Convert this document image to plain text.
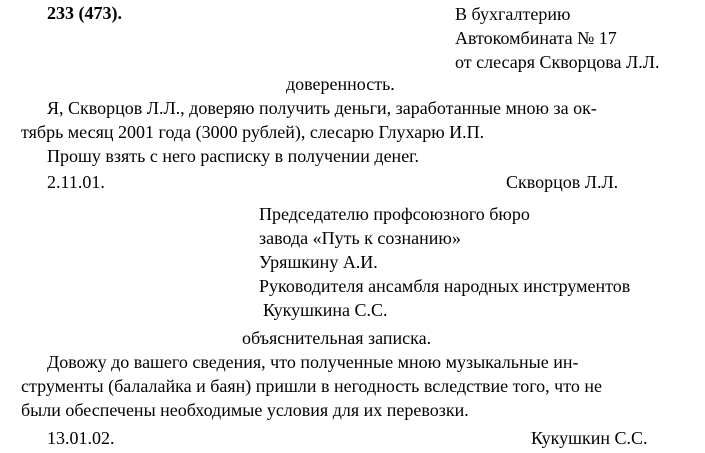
233 (473).	В бухгалтерию
Автокомбината № 17
от слесаря Скворцова Л.Л.
доверенность.
Я, Скворцов Л.Л., доверяю получить деньги, заработанные мною за ок-
тябрь месяц 2001 года (3000 рублей), слесарю Глухарю И.П.
Прошу взять с него расписку в получении денег.
2.11.01.	Скворцов Л.Л.
Председателю профсоюзного бюро
завода «Путь к сознанию»
Уряшкину А.И.
Руководителя ансамбля народных инструментов
Кукушкина С.С.
объяснительная записка.
Довожу до вашего сведения, что полученные мною музыкальные ин-
струменты (балалайка и баян) пришли в негодность вследствие того, что не
были обеспечены необходимые условия для их перевозки.
13.01.02.	Кукушкин С.С.
